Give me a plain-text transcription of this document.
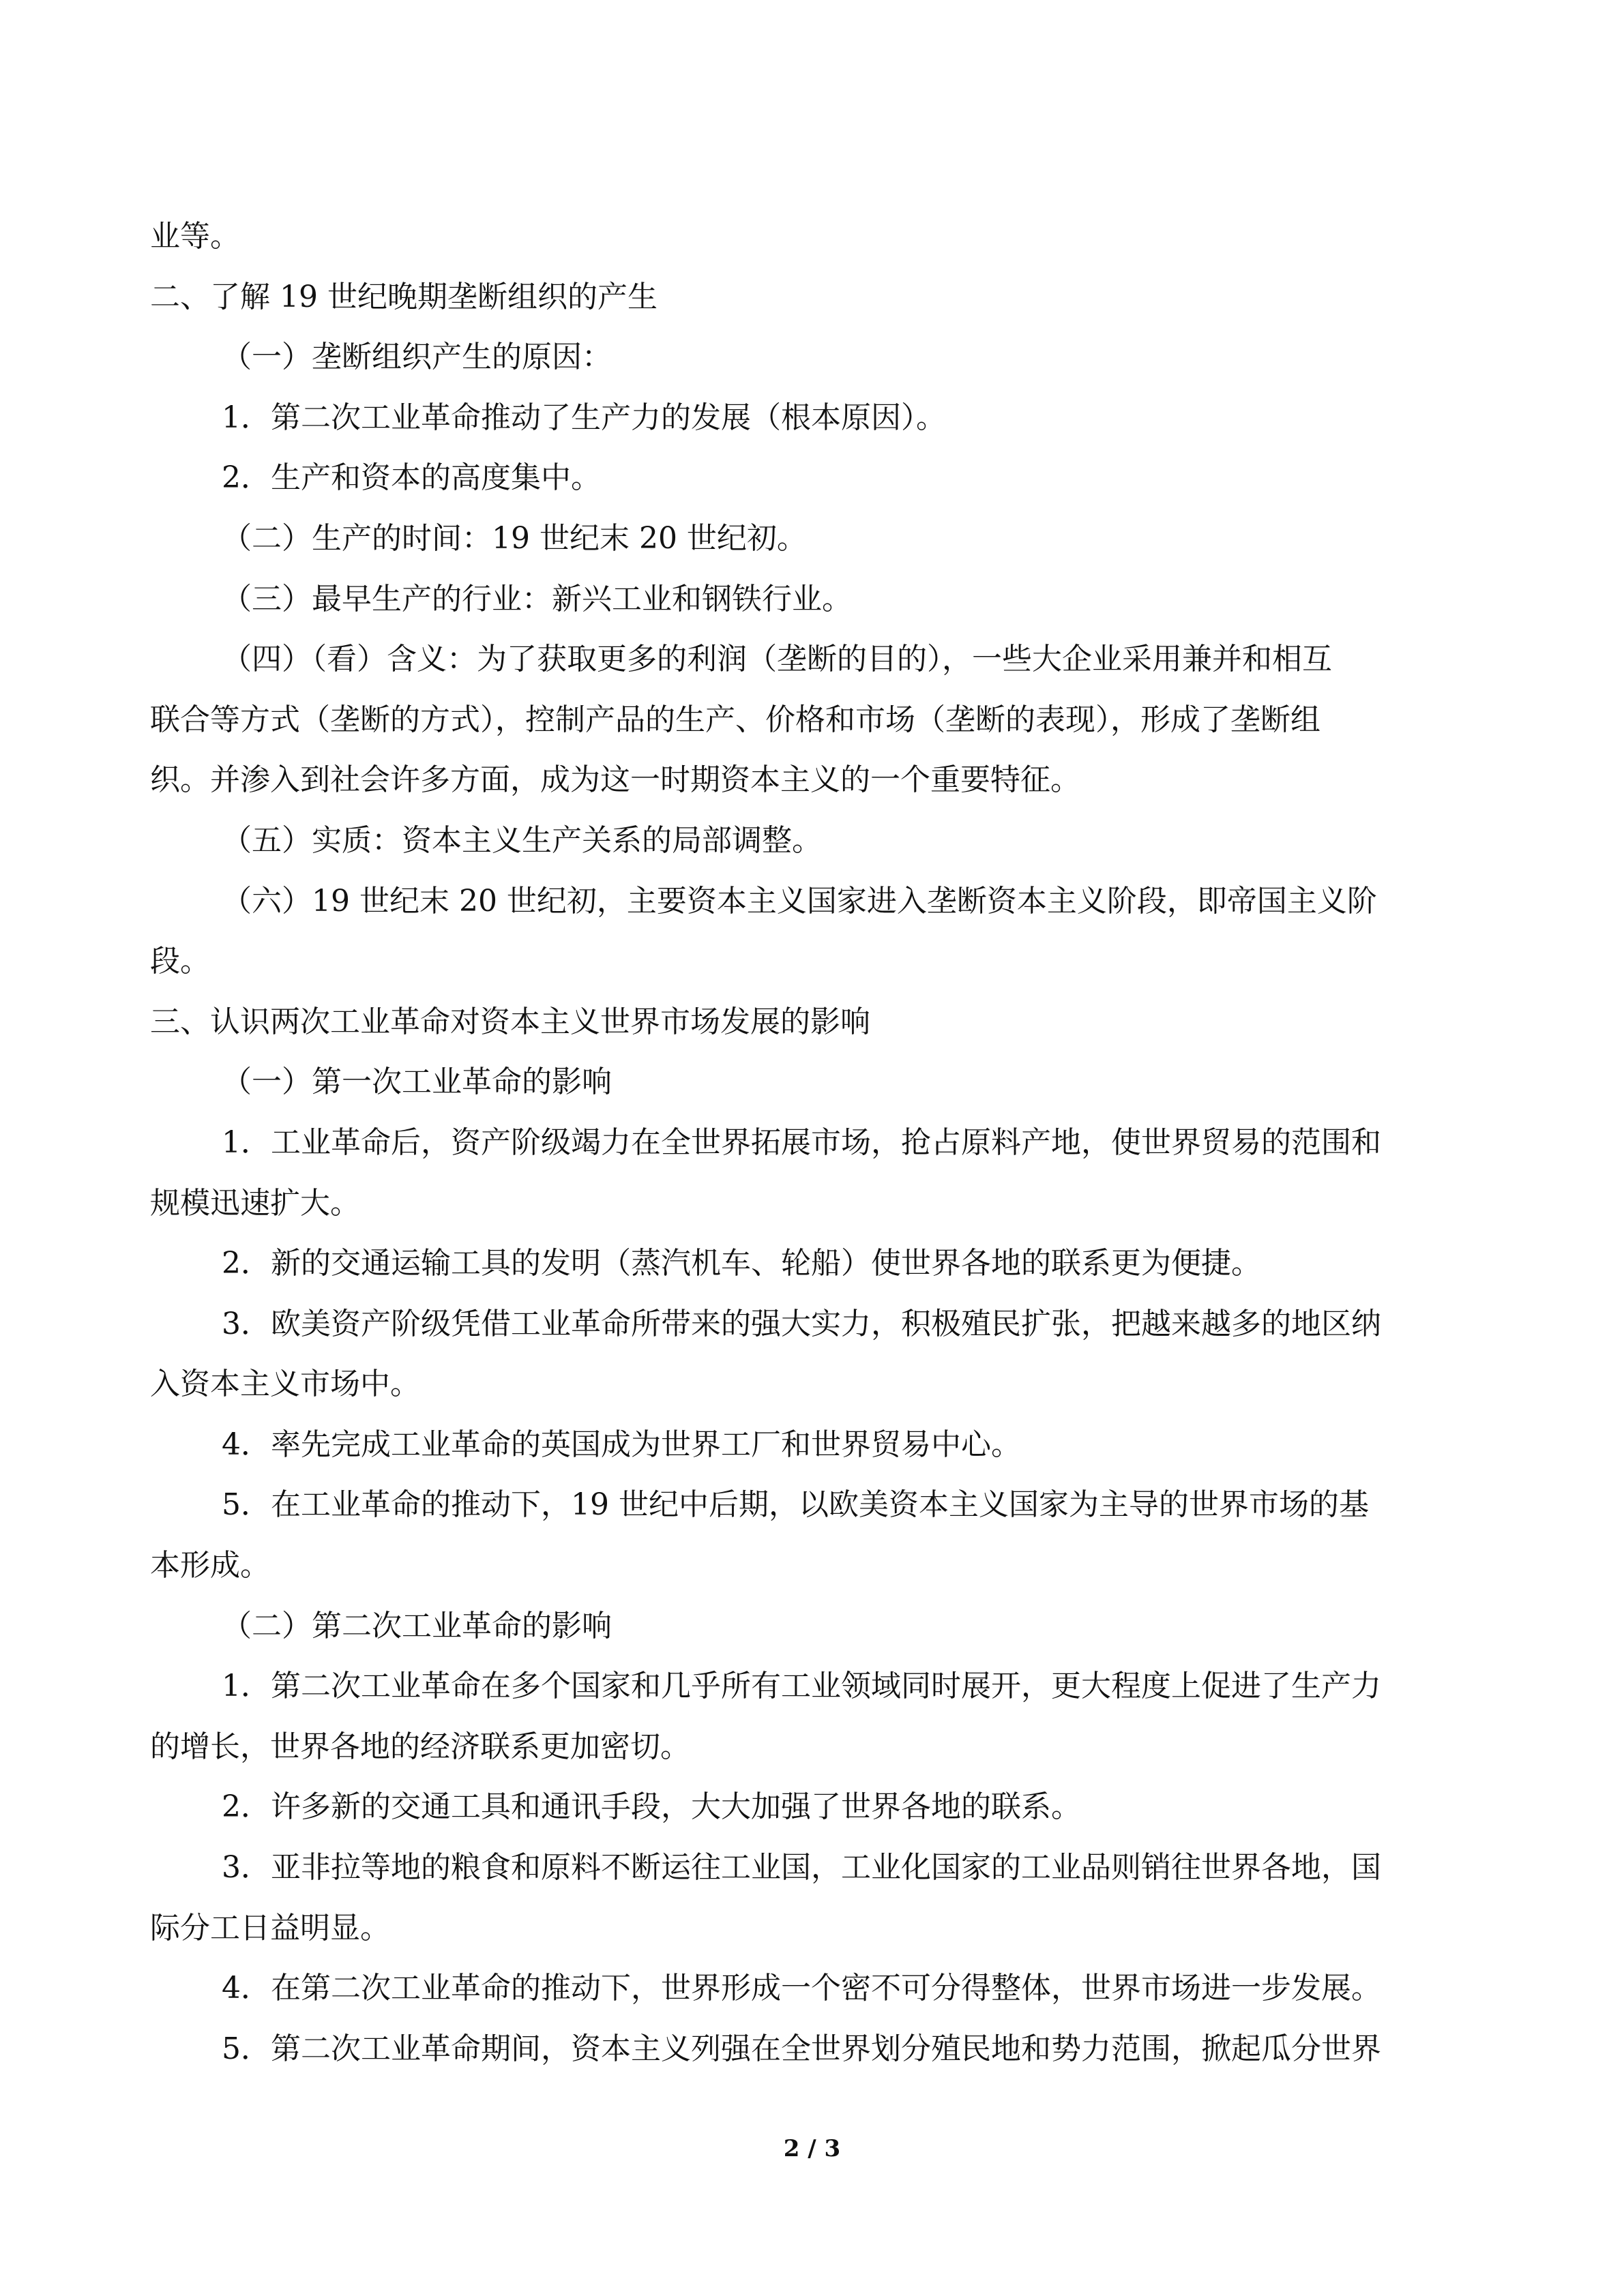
业等。
二、了解 19 世纪晚期垄断组织的产生
（一）垄断组织产生的原因：
1．第二次工业革命推动了生产力的发展（根本原因）。
2．生产和资本的高度集中。
（二）生产的时间：19 世纪末 20 世纪初。
（三）最早生产的行业：新兴工业和钢铁行业。
（四）（看）含义：为了获取更多的利润（垄断的目的），一些大企业采用兼并和相互
联合等方式（垄断的方式），控制产品的生产、价格和市场（垄断的表现），形成了垄断组
织。并渗入到社会许多方面，成为这一时期资本主义的一个重要特征。
（五）实质：资本主义生产关系的局部调整。
（六）19 世纪末 20 世纪初，主要资本主义国家进入垄断资本主义阶段，即帝国主义阶
段。
三、认识两次工业革命对资本主义世界市场发展的影响
（一）第一次工业革命的影响
1．工业革命后，资产阶级竭力在全世界拓展市场，抢占原料产地，使世界贸易的范围和
规模迅速扩大。
2．新的交通运输工具的发明（蒸汽机车、轮船）使世界各地的联系更为便捷。
3．欧美资产阶级凭借工业革命所带来的强大实力，积极殖民扩张，把越来越多的地区纳
入资本主义市场中。
4．率先完成工业革命的英国成为世界工厂和世界贸易中心。
5．在工业革命的推动下，19 世纪中后期，以欧美资本主义国家为主导的世界市场的基
本形成。
（二）第二次工业革命的影响
1．第二次工业革命在多个国家和几乎所有工业领域同时展开，更大程度上促进了生产力
的增长，世界各地的经济联系更加密切。
2．许多新的交通工具和通讯手段，大大加强了世界各地的联系。
3．亚非拉等地的粮食和原料不断运往工业国，工业化国家的工业品则销往世界各地，国
际分工日益明显。
4．在第二次工业革命的推动下，世界形成一个密不可分得整体，世界市场进一步发展。
5．第二次工业革命期间，资本主义列强在全世界划分殖民地和势力范围，掀起瓜分世界
2 / 3
